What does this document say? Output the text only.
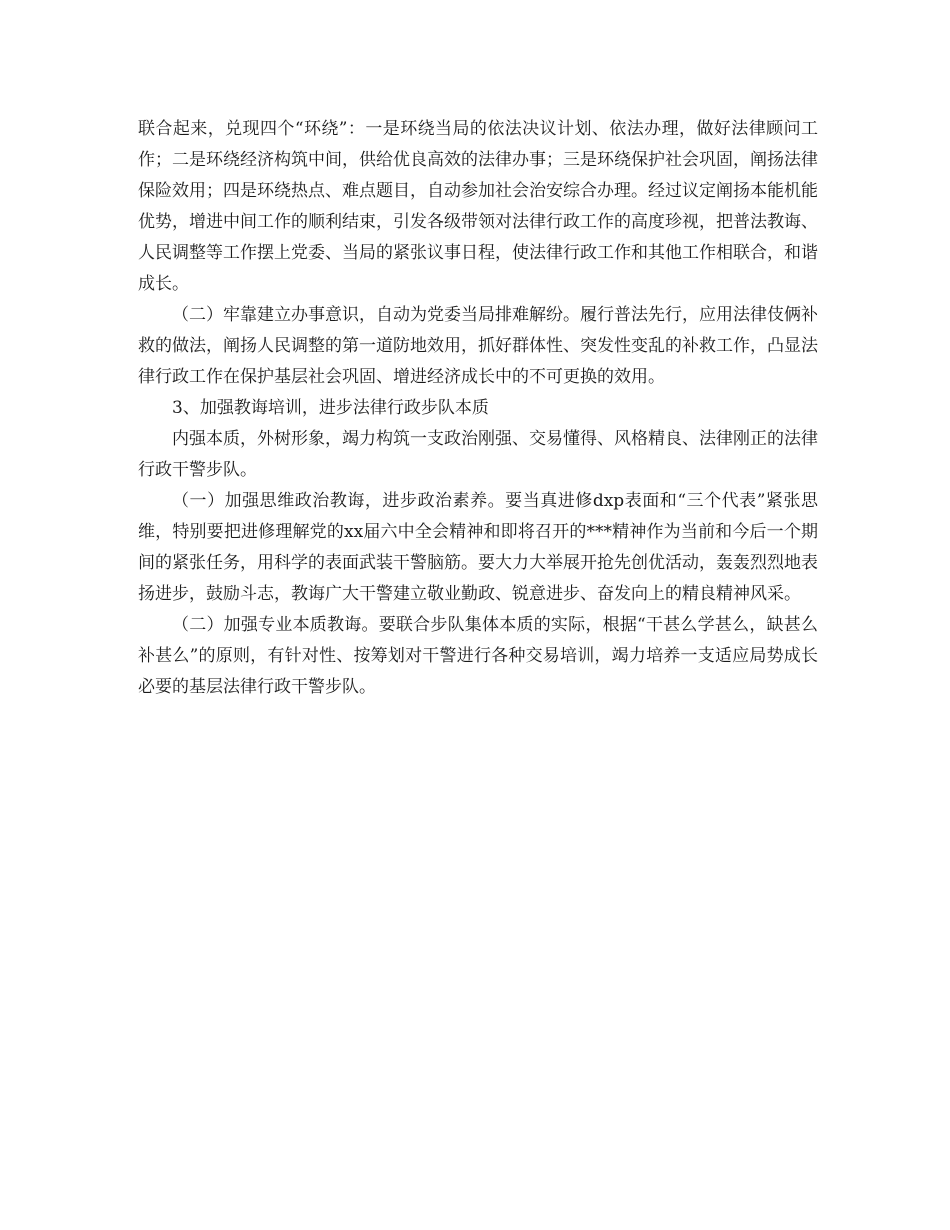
联合起来，兑现四个“环绕”：一是环绕当局的依法决议计划、依法办理，做好法律顾问工作；二是环绕经济构筑中间，供给优良高效的法律办事；三是环绕保护社会巩固，阐扬法律保险效用；四是环绕热点、难点题目，自动参加社会治安综合办理。经过议定阐扬本能机能优势，增进中间工作的顺利结束，引发各级带领对法律行政工作的高度珍视，把普法教诲、人民调整等工作摆上党委、当局的紧张议事日程，使法律行政工作和其他工作相联合，和谐成长。

（二）牢靠建立办事意识，自动为党委当局排难解纷。履行普法先行，应用法律伎俩补救的做法，阐扬人民调整的第一道防地效用，抓好群体性、突发性变乱的补救工作，凸显法律行政工作在保护基层社会巩固、增进经济成长中的不可更换的效用。

3、加强教诲培训，进步法律行政步队本质

内强本质，外树形象，竭力构筑一支政治刚强、交易懂得、风格精良、法律刚正的法律行政干警步队。

（一）加强思维政治教诲，进步政治素养。要当真进修dxp表面和“三个代表”紧张思维，特别要把进修理解党的xx届六中全会精神和即将召开的***精神作为当前和今后一个期间的紧张任务，用科学的表面武装干警脑筋。要大力大举展开抢先创优活动，轰轰烈烈地表扬进步，鼓励斗志，教诲广大干警建立敬业勤政、锐意进步、奋发向上的精良精神风采。

（二）加强专业本质教诲。要联合步队集体本质的实际，根据“干甚么学甚么，缺甚么补甚么”的原则，有针对性、按筹划对干警进行各种交易培训，竭力培养一支适应局势成长必要的基层法律行政干警步队。
